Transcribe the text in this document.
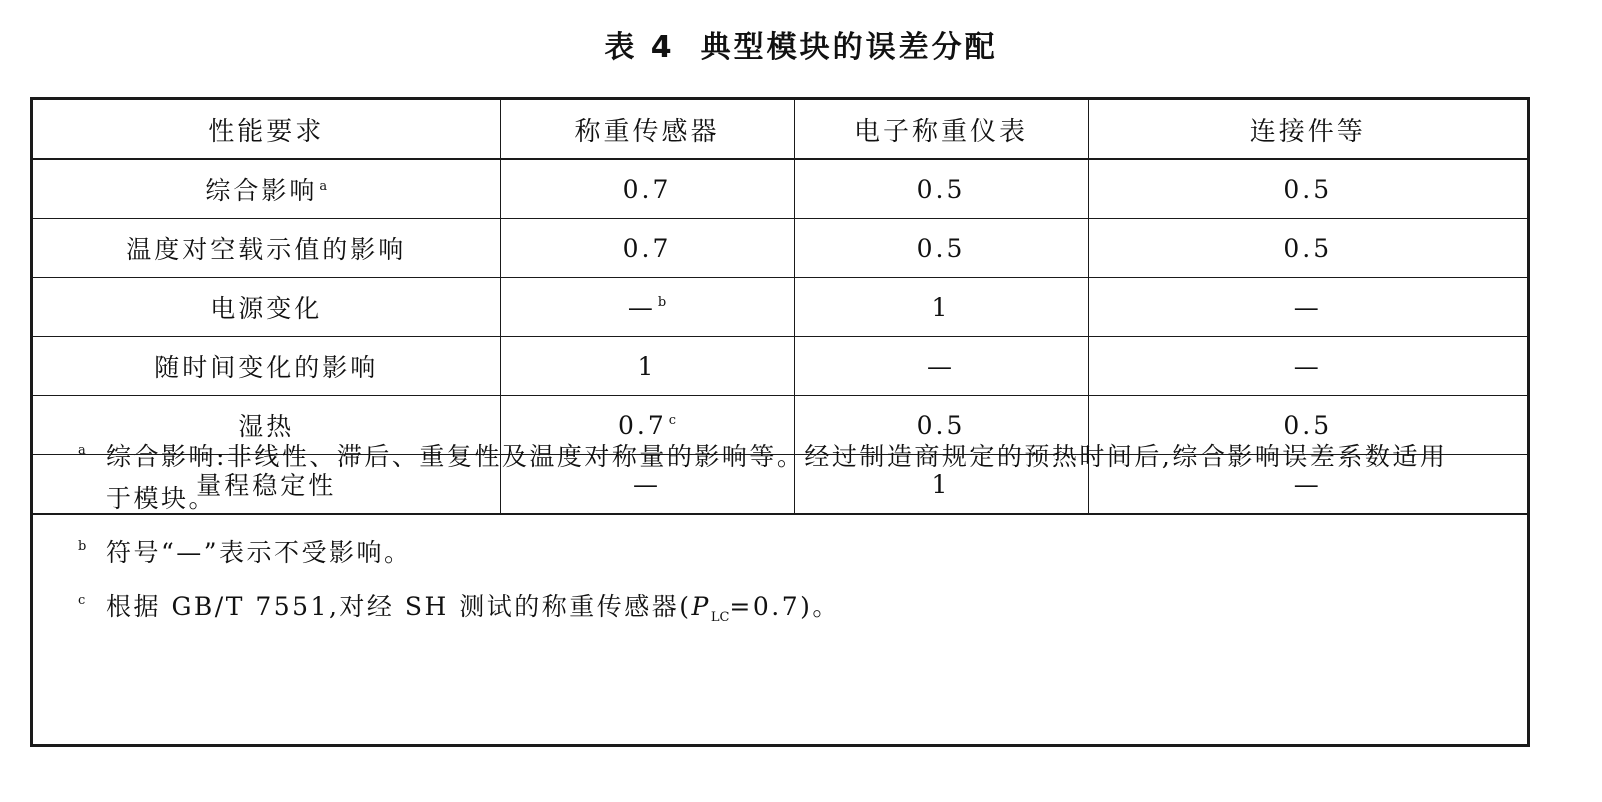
表 4 典型模块的误差分配
性能要求	称重传感器	电子称重仪表	连接件等
综合影响 $^a$	0.7	0.5	0.5
温度对空载示值的影响	0.7	0.5	0.5
电源变化	— $^b$	1	—
随时间变化的影响	1	—	—
湿热	0.7 $^c$	0.5	0.5
量程稳定性	—	1	—
a 综合影响:非线性、滞后、重复性及温度对称量的影响等。经过制造商规定的预热时间后,综合影响误差系数适用于模块。
b 符号“—”表示不受影响。
c 根据 GB/T 7551,对经 SH 测试的称重传感器$(P_{LC}=0.7)$。
